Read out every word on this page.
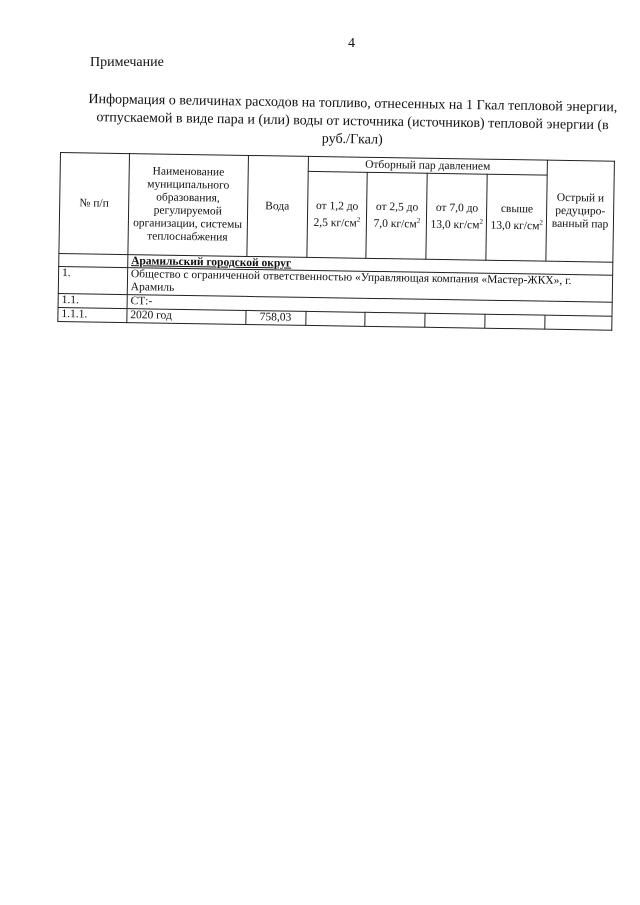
4
Примечание
Информация о величинах расходов на топливо, отнесенных на 1 Гкал тепловой энергии, отпускаемой в виде пара и (или) воды от источника (источников) тепловой энергии (в руб./Гкал)
№ п/п	Наименование муниципального образования, регулируемой организации, системы теплоснабжения	Вода	Отборный пар давлением				Острый и редуциро-ванный пар
			от 1,2 до 2,5 $кг/см^2$	от 2,5 до 7,0 $кг/см^2$	от 7,0 до 13,0 $кг/см^2$	свыше 13,0 $кг/см^2$
	Арамильский городской округ						
1.	Общество с ограниченной ответственностью «Управляющая компания «Мастер-ЖКХ», г. Арамиль						
1.1.	СТ:-						
1.1.1.	2020 год	758,03					
